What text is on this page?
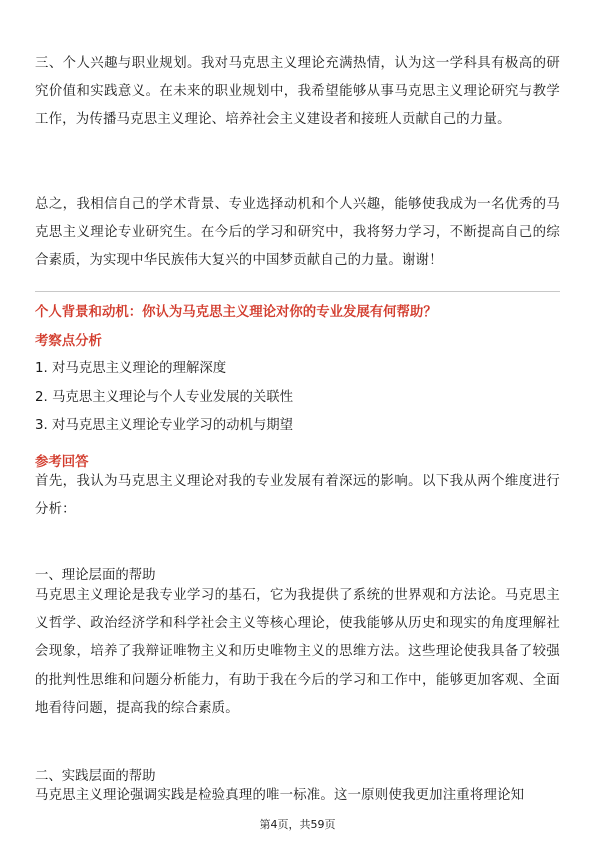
三、个人兴趣与职业规划。我对马克思主义理论充满热情，认为这一学科具有极高的研究价值和实践意义。在未来的职业规划中，我希望能够从事马克思主义理论研究与教学工作，为传播马克思主义理论、培养社会主义建设者和接班人贡献自己的力量。
总之，我相信自己的学术背景、专业选择动机和个人兴趣，能够使我成为一名优秀的马克思主义理论专业研究生。在今后的学习和研究中，我将努力学习，不断提高自己的综合素质，为实现中华民族伟大复兴的中国梦贡献自己的力量。谢谢！
个人背景和动机：你认为马克思主义理论对你的专业发展有何帮助？
考察点分析
1. 对马克思主义理论的理解深度
2. 马克思主义理论与个人专业发展的关联性
3. 对马克思主义理论专业学习的动机与期望
参考回答
首先，我认为马克思主义理论对我的专业发展有着深远的影响。以下我从两个维度进行分析：
一、理论层面的帮助
马克思主义理论是我专业学习的基石，它为我提供了系统的世界观和方法论。马克思主义哲学、政治经济学和科学社会主义等核心理论，使我能够从历史和现实的角度理解社会现象，培养了我辩证唯物主义和历史唯物主义的思维方法。这些理论使我具备了较强的批判性思维和问题分析能力，有助于我在今后的学习和工作中，能够更加客观、全面地看待问题，提高我的综合素质。
二、实践层面的帮助
马克思主义理论强调实践是检验真理的唯一标准。这一原则使我更加注重将理论知
第4页，共59页
